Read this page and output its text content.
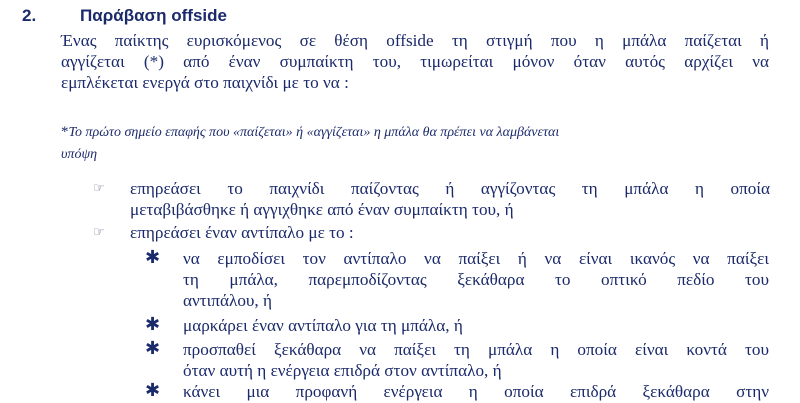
2.	Παράβαση offside
Ένας παίκτης ευρισκόμενος σε θέση offside τη στιγμή που η μπάλα παίζεται ή
αγγίζεται (*) από έναν συμπαίκτη του, τιμωρείται μόνον όταν αυτός αρχίζει να
εμπλέκεται ενεργά στο παιχνίδι με το να :
*Το πρώτο σημείο επαφής που «παίζεται» ή «αγγίζεται» η μπάλα θα πρέπει να λαμβάνεται
υπόψη
☞ επηρεάσει το παιχνίδι παίζοντας ή αγγίζοντας τη μπάλα η οποία
μεταβιβάσθηκε ή αγγιχθηκε από έναν συμπαίκτη του, ή
☞ επηρεάσει έναν αντίπαλο με το :
✱ να εμποδίσει τον αντίπαλο να παίξει ή να είναι ικανός να παίξει
τη μπάλα, παρεμποδίζοντας ξεκάθαρα το οπτικό πεδίο του
αντιπάλου, ή
✱ μαρκάρει έναν αντίπαλο για τη μπάλα, ή
✱ προσπαθεί ξεκάθαρα να παίξει τη μπάλα η οποία είναι κοντά του
όταν αυτή η ενέργεια επιδρά στον αντίπαλο, ή
✱ κάνει μια προφανή ενέργεια η οποία επιδρά ξεκάθαρα στην
